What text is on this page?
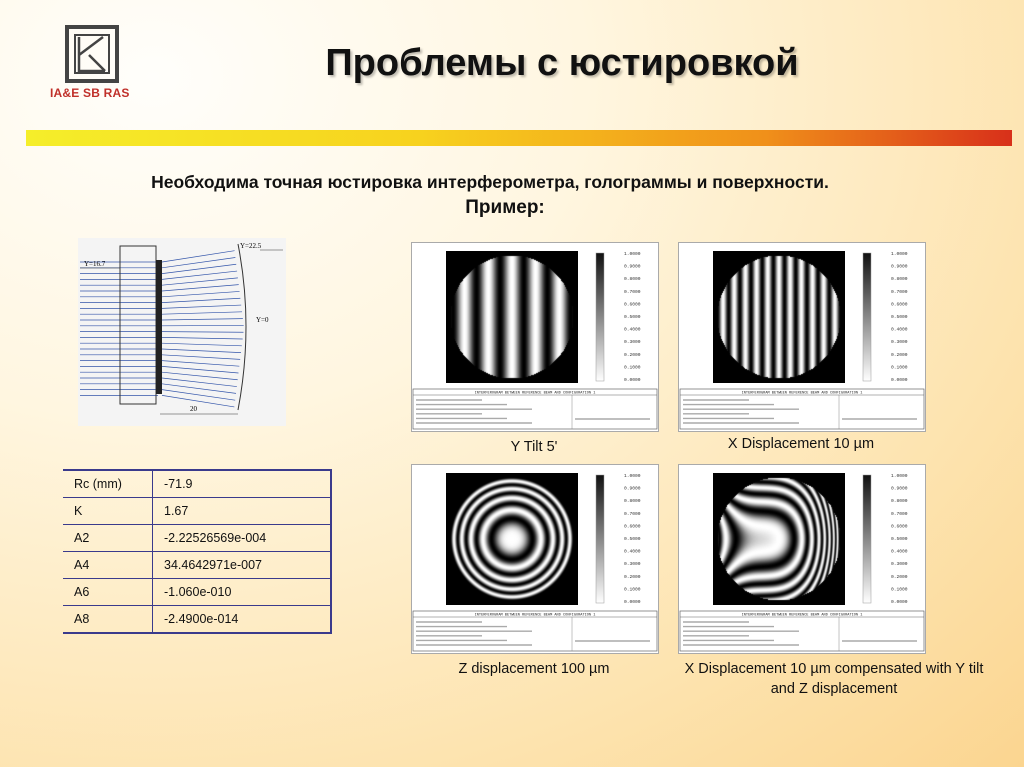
IA&E SB RAS
Проблемы с юстировкой
Необходима точная юстировка интерферометра, голограммы и поверхности.
Пример:
Y=16.7
Y=22.5
Y=0
20
Rc (mm)	-71.9
K	1.67
A2	-2.22526569e-004
A4	34.4642971e-007
A6	-1.060e-010
A8	-2.4900e-014
1.0000
0.9000
0.8000
0.7000
0.6000
0.5000
0.4000
0.3000
0.2000
0.1000
0.0000
INTERFEROGRAM BETWEEN REFERENCE BEAM AND CONFIGURATION 1
1.0000
0.9000
0.8000
0.7000
0.6000
0.5000
0.4000
0.3000
0.2000
0.1000
0.0000
INTERFEROGRAM BETWEEN REFERENCE BEAM AND CONFIGURATION 1
1.0000
0.9000
0.8000
0.7000
0.6000
0.5000
0.4000
0.3000
0.2000
0.1000
0.0000
INTERFEROGRAM BETWEEN REFERENCE BEAM AND CONFIGURATION 1
1.0000
0.9000
0.8000
0.7000
0.6000
0.5000
0.4000
0.3000
0.2000
0.1000
0.0000
INTERFEROGRAM BETWEEN REFERENCE BEAM AND CONFIGURATION 1
Y Tilt 5'	X Displacement 10 µm
Z displacement 100 µm	X Displacement 10 µm compensated with Y tilt and Z displacement
